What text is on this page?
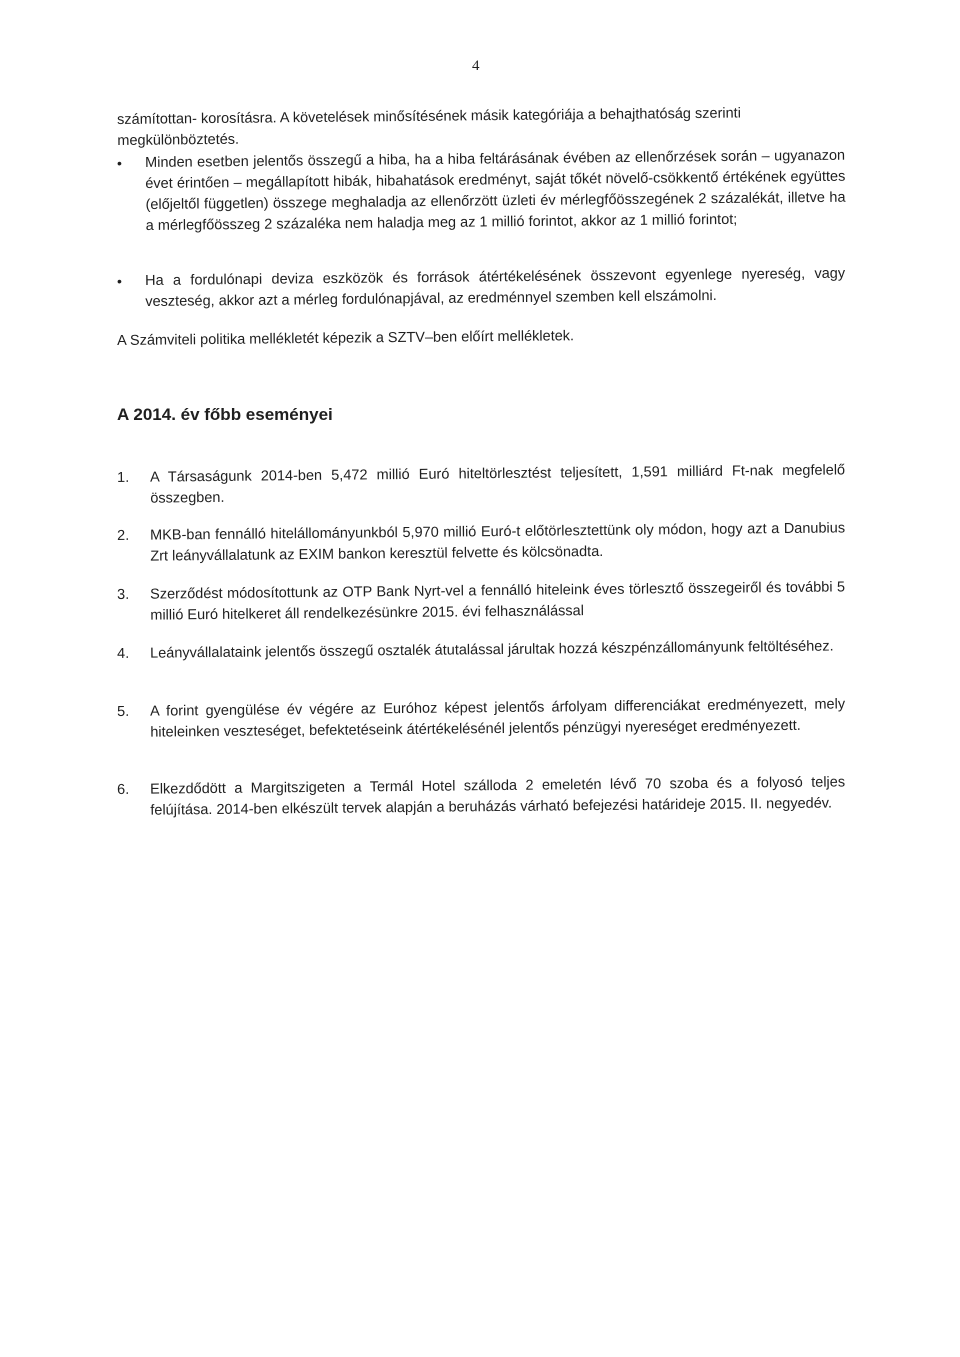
4
számítottan- korosításra. A követelések minősítésének másik kategóriája a behajthatóság szerinti megkülönböztetés.
• Minden esetben jelentős összegű a hiba, ha a hiba feltárásának évében az ellenőrzések során – ugyanazon évet érintően – megállapított hibák, hibahatások eredményt, saját tőkét növelő-csökkentő értékének együttes (előjeltől független) összege meghaladja az ellenőrzött üzleti év mérlegfőösszegének 2 százalékát, illetve ha a mérlegfőösszeg 2 százaléka nem haladja meg az 1 millió forintot, akkor az 1 millió forintot;
• Ha a fordulónapi deviza eszközök és források átértékelésének összevont egyenlege nyereség, vagy veszteség, akkor azt a mérleg fordulónapjával, az eredménnyel szemben kell elszámolni.
A Számviteli politika mellékletét képezik a SZTV–ben előírt mellékletek.
A 2014. év főbb eseményei
1.	A Társaságunk 2014-ben 5,472 millió Euró hiteltörlesztést teljesített, 1,591 milliárd Ft-nak megfelelő összegben.
2.	MKB-ban fennálló hitelállományunkból 5,970 millió Euró-t előtörlesztettünk oly módon, hogy azt a Danubius Zrt leányvállalatunk az EXIM bankon keresztül felvette és kölcsönadta.
3.	Szerződést módosítottunk az OTP Bank Nyrt-vel a fennálló hiteleink éves törlesztő összegeiről és további 5 millió Euró hitelkeret áll rendelkezésünkre 2015. évi felhasználással
4.	Leányvállalataink jelentős összegű osztalék átutalással járultak hozzá készpénzállományunk feltöltéséhez.
5.	A forint gyengülése év végére az Euróhoz képest jelentős árfolyam differenciákat eredményezett, mely hiteleinken veszteséget, befektetéseink átértékelésénél jelentős pénzügyi nyereséget eredményezett.
6.	Elkezdődött a Margitszigeten a Termál Hotel szálloda 2 emeletén lévő 70 szoba és a folyosó teljes felújítása. 2014-ben elkészült tervek alapján a beruházás várható befejezési határideje 2015. II. negyedév.
